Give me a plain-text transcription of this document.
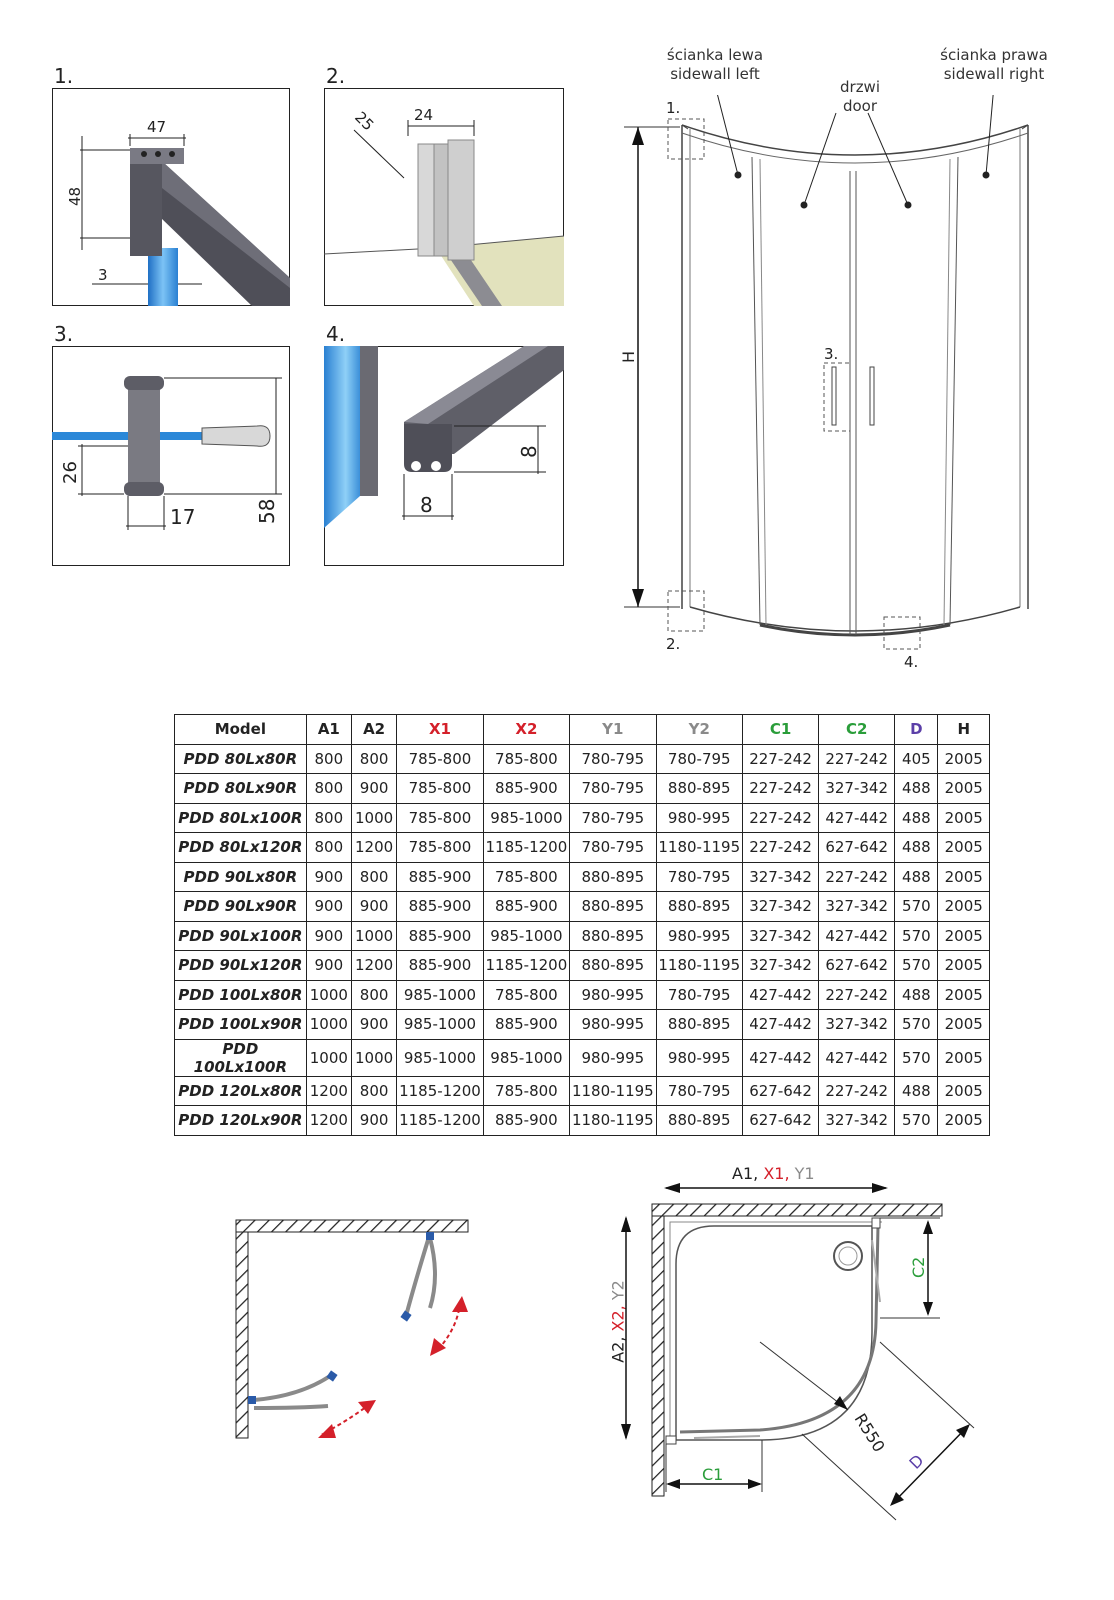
1.	2.
3.	4.
47
48
3
24
25
26
17	58
8
8
ścianka lewa
sidewall left
ścianka prawa
sidewall right
drzwi
door
H
1.
2.
3.
4.
Model	A1	A2	X1	X2	Y1	Y2	C1	C2	D	H
PDD 80Lx80R	800	800	785-800	785-800	780-795	780-795	227-242	227-242	405	2005
PDD 80Lx90R	800	900	785-800	885-900	780-795	880-895	227-242	327-342	488	2005
PDD 80Lx100R	800	1000	785-800	985-1000	780-795	980-995	227-242	427-442	488	2005
PDD 80Lx120R	800	1200	785-800	1185-1200	780-795	1180-1195	227-242	627-642	488	2005
PDD 90Lx80R	900	800	885-900	785-800	880-895	780-795	327-342	227-242	488	2005
PDD 90Lx90R	900	900	885-900	885-900	880-895	880-895	327-342	327-342	570	2005
PDD 90Lx100R	900	1000	885-900	985-1000	880-895	980-995	327-342	427-442	570	2005
PDD 90Lx120R	900	1200	885-900	1185-1200	880-895	1180-1195	327-342	627-642	570	2005
PDD 100Lx80R	1000	800	985-1000	785-800	980-995	780-795	427-442	227-242	488	2005
PDD 100Lx90R	1000	900	985-1000	885-900	980-995	880-895	427-442	327-342	570	2005
PDD 100Lx100R	1000	1000	985-1000	985-1000	980-995	980-995	427-442	427-442	570	2005
PDD 120Lx80R	1200	800	1185-1200	785-800	1180-1195	780-795	627-642	227-242	488	2005
PDD 120Lx90R	1200	900	1185-1200	885-900	1180-1195	880-895	627-642	327-342	570	2005
A1, X1, Y1
A2, X2, Y2
C2
C1
R550
D
